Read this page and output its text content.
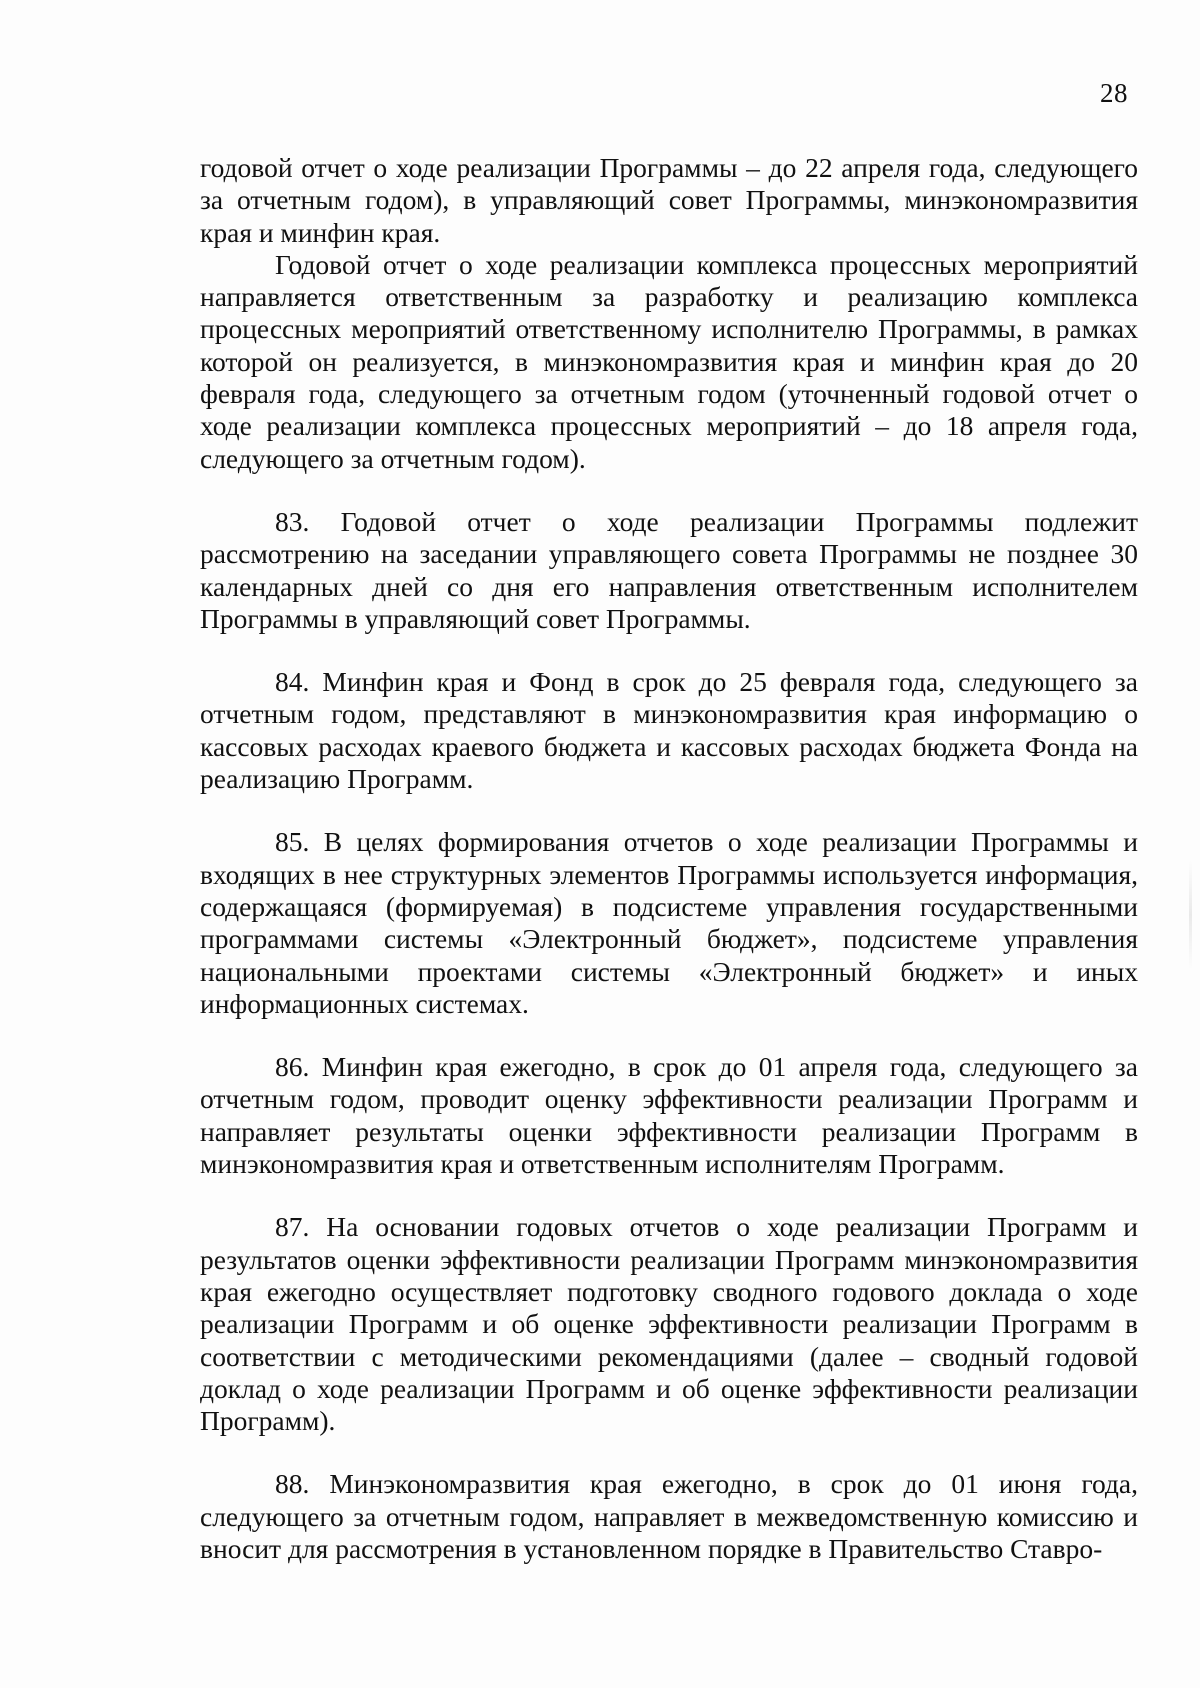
28

годовой отчет о ходе реализации Программы – до 22 апреля года, следующего за отчетным годом), в управляющий совет Программы, минэкономразвития края и минфин края.

Годовой отчет о ходе реализации комплекса процессных мероприятий направляется ответственным за разработку и реализацию комплекса процессных мероприятий ответственному исполнителю Программы, в рамках которой он реализуется, в минэкономразвития края и минфин края до 20 февраля года, следующего за отчетным годом (уточненный годовой отчет о ходе реализации комплекса процессных мероприятий – до 18 апреля года, следующего за отчетным годом).

83. Годовой отчет о ходе реализации Программы подлежит рассмотрению на заседании управляющего совета Программы не позднее 30 календарных дней со дня его направления ответственным исполнителем Программы в управляющий совет Программы.

84. Минфин края и Фонд в срок до 25 февраля года, следующего за отчетным годом, представляют в минэкономразвития края информацию о кассовых расходах краевого бюджета и кассовых расходах бюджета Фонда на реализацию Программ.

85. В целях формирования отчетов о ходе реализации Программы и входящих в нее структурных элементов Программы используется информация, содержащаяся (формируемая) в подсистеме управления государственными программами системы «Электронный бюджет», подсистеме управления национальными проектами системы «Электронный бюджет» и иных информационных системах.

86. Минфин края ежегодно, в срок до 01 апреля года, следующего за отчетным годом, проводит оценку эффективности реализации Программ и направляет результаты оценки эффективности реализации Программ в минэкономразвития края и ответственным исполнителям Программ.

87. На основании годовых отчетов о ходе реализации Программ и результатов оценки эффективности реализации Программ минэкономразвития края ежегодно осуществляет подготовку сводного годового доклада о ходе реализации Программ и об оценке эффективности реализации Программ в соответствии с методическими рекомендациями (далее – сводный годовой доклад о ходе реализации Программ и об оценке эффективности реализации Программ).

88. Минэкономразвития края ежегодно, в срок до 01 июня года, следующего за отчетным годом, направляет в межведомственную комиссию и вносит для рассмотрения в установленном порядке в Правительство Ставро-
